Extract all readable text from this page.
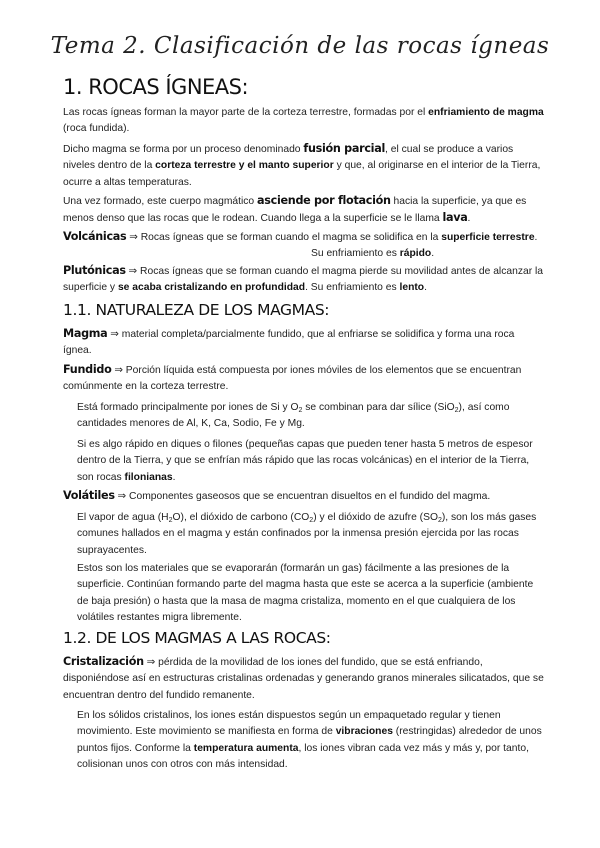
Tema 2. Clasificación de las rocas ígneas
1. ROCAS ÍGNEAS:
Las rocas ígneas forman la mayor parte de la corteza terrestre, formadas por el enfriamiento de magma (roca fundida).
Dicho magma se forma por un proceso denominado fusión parcial, el cual se produce a varios niveles dentro de la corteza terrestre y el manto superior y que, al originarse en el interior de la Tierra, ocurre a altas temperaturas.
Una vez formado, este cuerpo magmático asciende por flotación hacia la superficie, ya que es menos denso que las rocas que le rodean. Cuando llega a la superficie se le llama lava.
Volcánicas ⇒ Rocas ígneas que se forman cuando el magma se solidifica en la superficie terrestre.Su enfriamiento es rápido.
Plutónicas ⇒ Rocas ígneas que se forman cuando el magma pierde su movilidad antes de alcanzar la superficie y se acaba cristalizando en profundidad. Su enfriamiento es lento.
1.1. NATURALEZA DE LOS MAGMAS:
Magma ⇒ material completa/parcialmente fundido, que al enfriarse se solidifica y forma una roca ígnea.
Fundido ⇒ Porción líquida está compuesta por iones móviles de los elementos que se encuentran comúnmente en la corteza terrestre.
Está formado principalmente por iones de Si y $O_2$ se combinan para dar sílice (SiO$_2$), así como cantidades menores de Al, K, Ca, Sodio, Fe y Mg.
Si es algo rápido en diques o filones (pequeñas capas que pueden tener hasta 5 metros de espesor dentro de la Tierra, y que se enfrían más rápido que las rocas volcánicas) en el interior de la Tierra, son rocas filonianas.
Volátiles ⇒ Componentes gaseosos que se encuentran disueltos en el fundido del magma.
El vapor de agua $(H_2O)$, el dióxido de carbono $(CO_2)$ y el dióxido de azufre $(SO_2)$, son los más gases comunes hallados en el magma y están confinados por la inmensa presión ejercida por las rocas suprayacentes.
Estos son los materiales que se evaporarán (formarán un gas) fácilmente a las presiones de la superficie. Continúan formando parte del magma hasta que este se acerca a la superficie (ambiente de baja presión) o hasta que la masa de magma cristaliza, momento en el que cualquiera de los volátiles restantes migra libremente.
1.2. DE LOS MAGMAS A LAS ROCAS:
Cristalización ⇒ pérdida de la movilidad de los iones del fundido, que se está enfriando, disponiéndose así en estructuras cristalinas ordenadas y generando granos minerales silicatados, que se encuentran dentro del fundido remanente.
En los sólidos cristalinos, los iones están dispuestos según un empaquetado regular y tienen movimiento. Este movimiento se manifiesta en forma de vibraciones (restringidas) alrededor de unos puntos fijos. Conforme la temperatura aumenta, los iones vibran cada vez más y más y, por tanto, colisionan unos con otros con más intensidad.
